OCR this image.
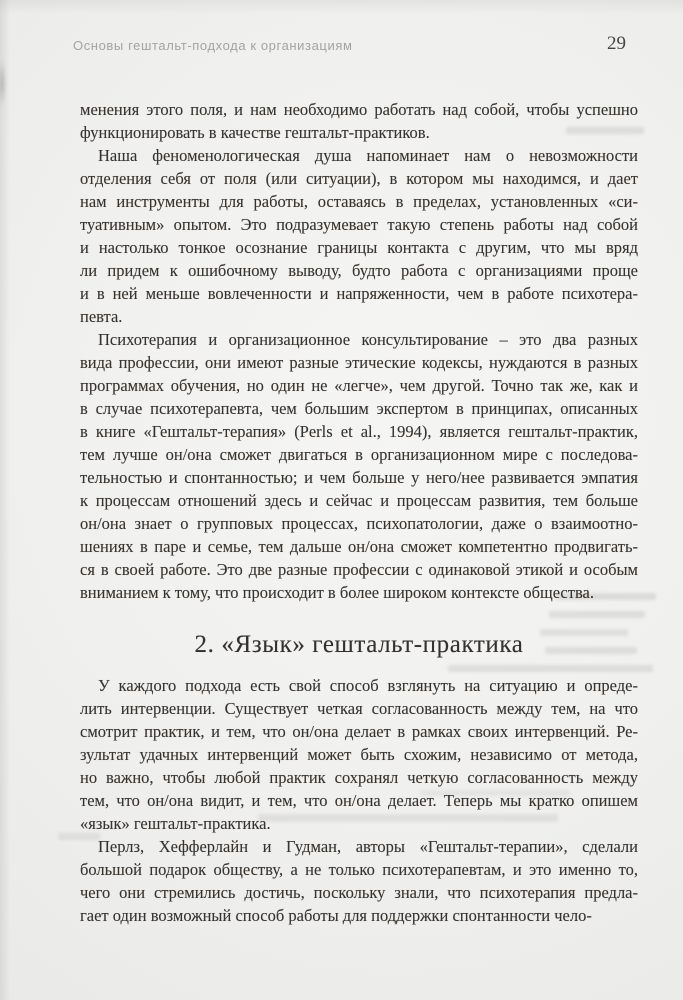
Основы гештальт-подхода к организациям	29
менения этого поля, и нам необходимо работать над собой, чтобы успешно
функционировать в качестве гештальт-практиков.
Наша феноменологическая душа напоминает нам о невозможности
отделения себя от поля (или ситуации), в котором мы находимся, и дает
нам инструменты для работы, оставаясь в пределах, установленных «си-
туативным» опытом. Это подразумевает такую степень работы над собой
и настолько тонкое осознание границы контакта с другим, что мы вряд
ли придем к ошибочному выводу, будто работа с организациями проще
и в ней меньше вовлеченности и напряженности, чем в работе психотера-
певта.
Психотерапия и организационное консультирование – это два разных
вида профессии, они имеют разные этические кодексы, нуждаются в разных
программах обучения, но один не «легче», чем другой. Точно так же, как и
в случае психотерапевта, чем большим экспертом в принципах, описанных
в книге «Гештальт-терапия» (Perls et al., 1994), является гештальт-практик,
тем лучше он/она сможет двигаться в организационном мире с последова-
тельностью и спонтанностью; и чем больше у него/нее развивается эмпатия
к процессам отношений здесь и сейчас и процессам развития, тем больше
он/она знает о групповых процессах, психопатологии, даже о взаимоотно-
шениях в паре и семье, тем дальше он/она сможет компетентно продвигать-
ся в своей работе. Это две разные профессии с одинаковой этикой и особым
вниманием к тому, что происходит в более широком контексте общества.
2. «Язык» гештальт-практика
У каждого подхода есть свой способ взглянуть на ситуацию и опреде-
лить интервенции. Существует четкая согласованность между тем, на что
смотрит практик, и тем, что он/она делает в рамках своих интервенций. Ре-
зультат удачных интервенций может быть схожим, независимо от метода,
но важно, чтобы любой практик сохранял четкую согласованность между
тем, что он/она видит, и тем, что он/она делает. Теперь мы кратко опишем
«язык» гештальт-практика.
Перлз, Хефферлайн и Гудман, авторы «Гештальт-терапии», сделали
большой подарок обществу, а не только психотерапевтам, и это именно то,
чего они стремились достичь, поскольку знали, что психотерапия предла-
гает один возможный способ работы для поддержки спонтанности чело-
